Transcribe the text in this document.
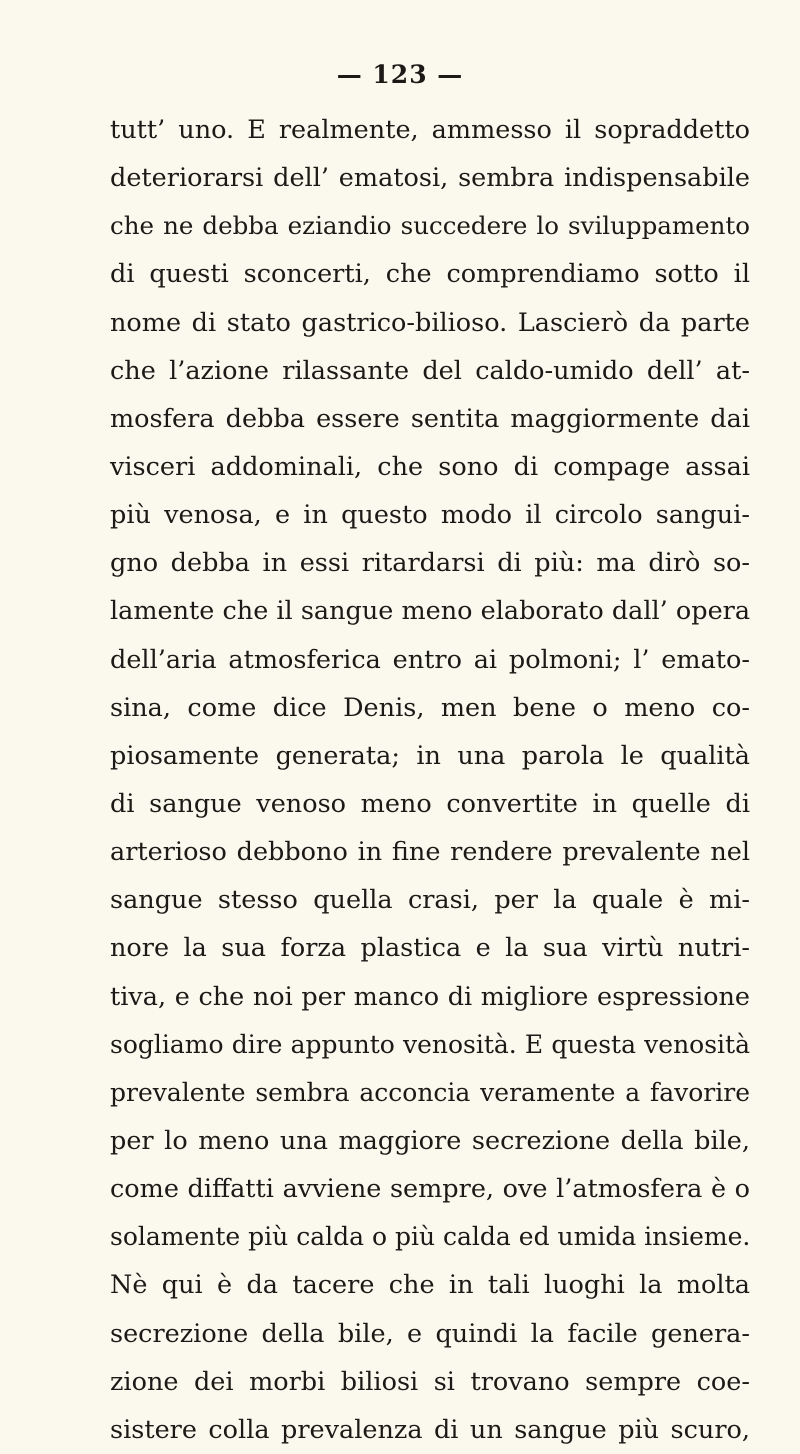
— 123 —
tutt’ uno. E realmente, ammesso il sopraddetto
deteriorarsi dell’ ematosi, sembra indispensabile
che ne debba eziandio succedere lo sviluppamento
di questi sconcerti, che comprendiamo sotto il
nome di stato gastrico-bilioso. Lascierò da parte
che l’azione rilassante del caldo-umido dell’ at-
mosfera debba essere sentita maggiormente dai
visceri addominali, che sono di compage assai
più venosa, e in questo modo il circolo sangui-
gno debba in essi ritardarsi di più: ma dirò so-
lamente che il sangue meno elaborato dall’ opera
dell’aria atmosferica entro ai polmoni; l’ emato-
sina, come dice Denis, men bene o meno co-
piosamente generata; in una parola le qualità
di sangue venoso meno convertite in quelle di
arterioso debbono in fine rendere prevalente nel
sangue stesso quella crasi, per la quale è mi-
nore la sua forza plastica e la sua virtù nutri-
tiva, e che noi per manco di migliore espressione
sogliamo dire appunto venosità. E questa venosità
prevalente sembra acconcia veramente a favorire
per lo meno una maggiore secrezione della bile,
come diffatti avviene sempre, ove l’atmosfera è o
solamente più calda o più calda ed umida insieme.
Nè qui è da tacere che in tali luoghi la molta
secrezione della bile, e quindi la facile genera-
zione dei morbi biliosi si trovano sempre coe-
sistere colla prevalenza di un sangue più scuro,
